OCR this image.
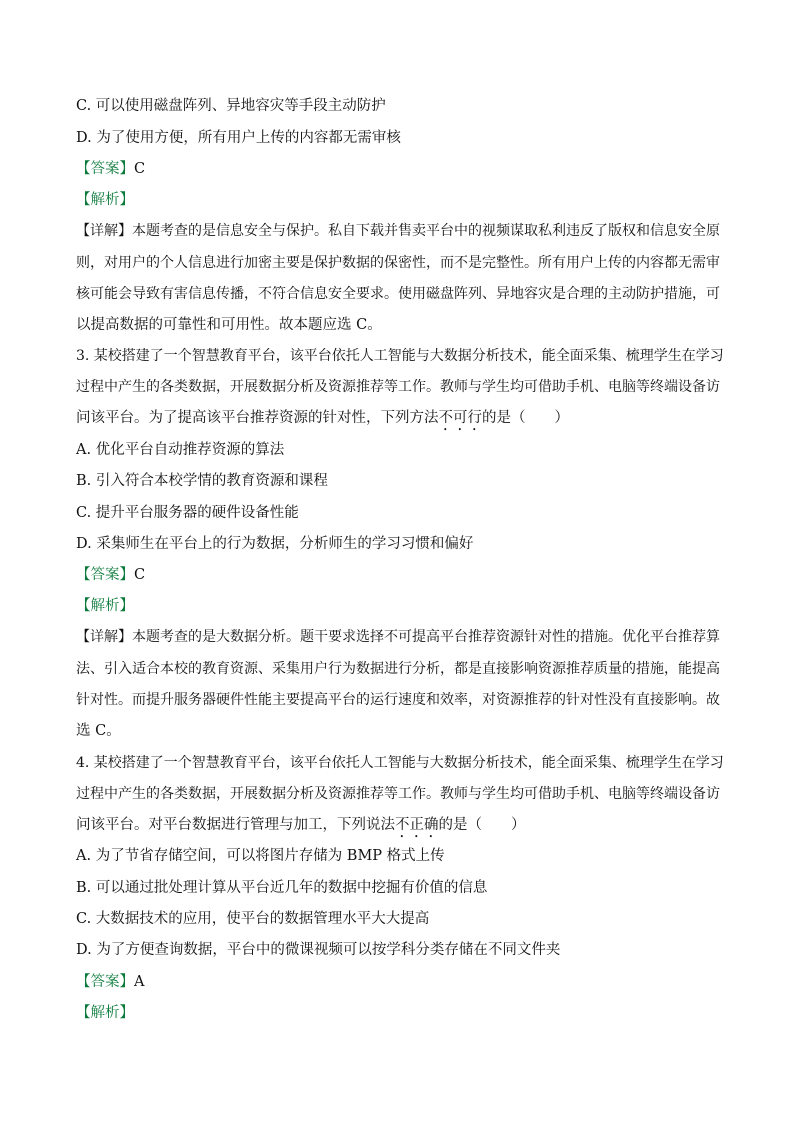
C. 可以使用磁盘阵列、异地容灾等手段主动防护
D. 为了使用方便，所有用户上传的内容都无需审核
【答案】C
【解析】
【详解】本题考查的是信息安全与保护。私自下载并售卖平台中的视频谋取私利违反了版权和信息安全原
则，对用户的个人信息进行加密主要是保护数据的保密性，而不是完整性。所有用户上传的内容都无需审
核可能会导致有害信息传播，不符合信息安全要求。使用磁盘阵列、异地容灾是合理的主动防护措施，可
以提高数据的可靠性和可用性。故本题应选 C。
3. 某校搭建了一个智慧教育平台，该平台依托人工智能与大数据分析技术，能全面采集、梳理学生在学习
过程中产生的各类数据，开展数据分析及资源推荐等工作。教师与学生均可借助手机、电脑等终端设备访
问该平台。为了提高该平台推荐资源的针对性，下列方法不可行的是（　　）
A. 优化平台自动推荐资源的算法
B. 引入符合本校学情的教育资源和课程
C. 提升平台服务器的硬件设备性能
D. 采集师生在平台上的行为数据，分析师生的学习习惯和偏好
【答案】C
【解析】
【详解】本题考查的是大数据分析。题干要求选择不可提高平台推荐资源针对性的措施。优化平台推荐算
法、引入适合本校的教育资源、采集用户行为数据进行分析，都是直接影响资源推荐质量的措施，能提高
针对性。而提升服务器硬件性能主要提高平台的运行速度和效率，对资源推荐的针对性没有直接影响。故
选 C。
4. 某校搭建了一个智慧教育平台，该平台依托人工智能与大数据分析技术，能全面采集、梳理学生在学习
过程中产生的各类数据，开展数据分析及资源推荐等工作。教师与学生均可借助手机、电脑等终端设备访
问该平台。对平台数据进行管理与加工，下列说法不正确的是（　　）
A. 为了节省存储空间，可以将图片存储为 BMP 格式上传
B. 可以通过批处理计算从平台近几年的数据中挖掘有价值的信息
C. 大数据技术的应用，使平台的数据管理水平大大提高
D. 为了方便查询数据，平台中的微课视频可以按学科分类存储在不同文件夹
【答案】A
【解析】
